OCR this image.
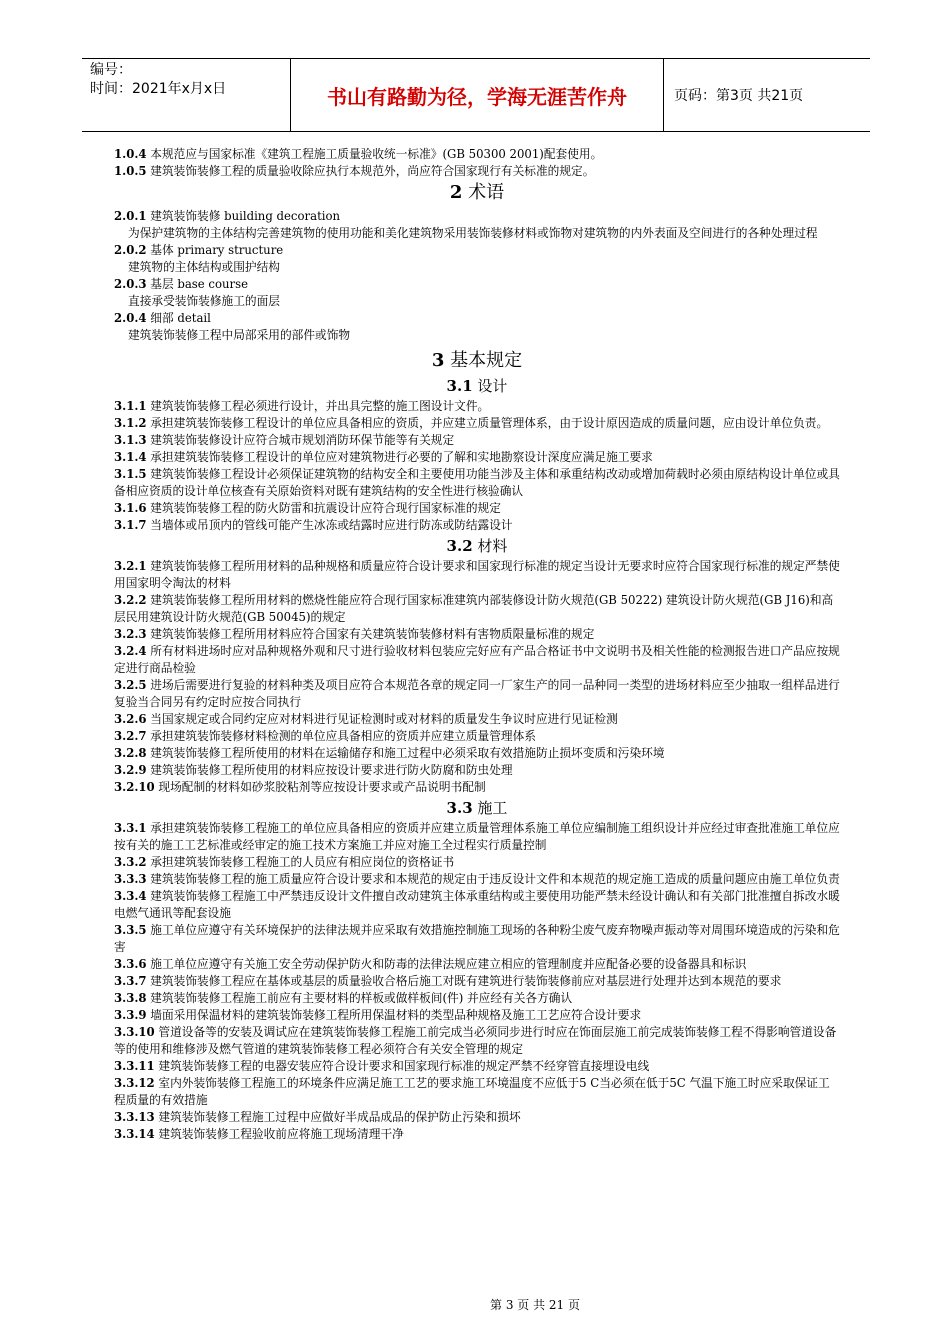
编号：
时间：2021年x月x日	书山有路勤为径，学海无涯苦作舟	页码：第3页 共21页

1.0.4 本规范应与国家标准《建筑工程施工质量验收统一标准》(GB 50300 2001)配套使用。

1.0.5 建筑装饰装修工程的质量验收除应执行本规范外，尚应符合国家现行有关标准的规定。

2 术语

2.0.1 建筑装饰装修 building decoration

为保护建筑物的主体结构完善建筑物的使用功能和美化建筑物采用装饰装修材料或饰物对建筑物的内外表面及空间进行的各种处理过程

2.0.2 基体 primary structure

建筑物的主体结构或围护结构

2.0.3 基层 base course

直接承受装饰装修施工的面层

2.0.4 细部 detail

建筑装饰装修工程中局部采用的部件或饰物

3 基本规定
3.1 设计

3.1.1 建筑装饰装修工程必须进行设计，并出具完整的施工图设计文件。

3.1.2 承担建筑装饰装修工程设计的单位应具备相应的资质，并应建立质量管理体系，由于设计原因造成的质量问题，应由设计单位负责。

3.1.3 建筑装饰装修设计应符合城市规划消防环保节能等有关规定

3.1.4 承担建筑装饰装修工程设计的单位应对建筑物进行必要的了解和实地勘察设计深度应满足施工要求

3.1.5 建筑装饰装修工程设计必须保证建筑物的结构安全和主要使用功能当涉及主体和承重结构改动或增加荷载时必须由原结构设计单位或具备相应资质的设计单位核查有关原始资料对既有建筑结构的安全性进行核验确认

3.1.6 建筑装饰装修工程的防火防雷和抗震设计应符合现行国家标准的规定

3.1.7 当墙体或吊顶内的管线可能产生冰冻或结露时应进行防冻或防结露设计

3.2 材料

3.2.1 建筑装饰装修工程所用材料的品种规格和质量应符合设计要求和国家现行标准的规定当设计无要求时应符合国家现行标准的规定严禁使用国家明令淘汰的材料

3.2.2 建筑装饰装修工程所用材料的燃烧性能应符合现行国家标准建筑内部装修设计防火规范(GB 50222) 建筑设计防火规范(GB J16)和高层民用建筑设计防火规范(GB 50045)的规定

3.2.3 建筑装饰装修工程所用材料应符合国家有关建筑装饰装修材料有害物质限量标准的规定

3.2.4 所有材料进场时应对品种规格外观和尺寸进行验收材料包装应完好应有产品合格证书中文说明书及相关性能的检测报告进口产品应按规定进行商品检验

3.2.5 进场后需要进行复验的材料种类及项目应符合本规范各章的规定同一厂家生产的同一品种同一类型的进场材料应至少抽取一组样品进行复验当合同另有约定时应按合同执行

3.2.6 当国家规定或合同约定应对材料进行见证检测时或对材料的质量发生争议时应进行见证检测

3.2.7 承担建筑装饰装修材料检测的单位应具备相应的资质并应建立质量管理体系

3.2.8 建筑装饰装修工程所使用的材料在运输储存和施工过程中必须采取有效措施防止损坏变质和污染环境

3.2.9 建筑装饰装修工程所使用的材料应按设计要求进行防火防腐和防虫处理

3.2.10 现场配制的材料如砂浆胶粘剂等应按设计要求或产品说明书配制

3.3 施工

3.3.1 承担建筑装饰装修工程施工的单位应具备相应的资质并应建立质量管理体系施工单位应编制施工组织设计并应经过审查批准施工单位应按有关的施工工艺标准或经审定的施工技术方案施工并应对施工全过程实行质量控制

3.3.2 承担建筑装饰装修工程施工的人员应有相应岗位的资格证书

3.3.3 建筑装饰装修工程的施工质量应符合设计要求和本规范的规定由于违反设计文件和本规范的规定施工造成的质量问题应由施工单位负责

3.3.4 建筑装饰装修工程施工中严禁违反设计文件擅自改动建筑主体承重结构或主要使用功能严禁未经设计确认和有关部门批准擅自拆改水暖电燃气通讯等配套设施

3.3.5 施工单位应遵守有关环境保护的法律法规并应采取有效措施控制施工现场的各种粉尘废气废弃物噪声振动等对周围环境造成的污染和危害

3.3.6 施工单位应遵守有关施工安全劳动保护防火和防毒的法律法规应建立相应的管理制度并应配备必要的设备器具和标识

3.3.7 建筑装饰装修工程应在基体或基层的质量验收合格后施工对既有建筑进行装饰装修前应对基层进行处理并达到本规范的要求

3.3.8 建筑装饰装修工程施工前应有主要材料的样板或做样板间(件) 并应经有关各方确认

3.3.9 墙面采用保温材料的建筑装饰装修工程所用保温材料的类型品种规格及施工工艺应符合设计要求

3.3.10 管道设备等的安装及调试应在建筑装饰装修工程施工前完成当必须同步进行时应在饰面层施工前完成装饰装修工程不得影响管道设备等的使用和维修涉及燃气管道的建筑装饰装修工程必须符合有关安全管理的规定

3.3.11 建筑装饰装修工程的电器安装应符合设计要求和国家现行标准的规定严禁不经穿管直接埋设电线

3.3.12 室内外装饰装修工程施工的环境条件应满足施工工艺的要求施工环境温度不应低于5 C当必须在低于5C 气温下施工时应采取保证工程质量的有效措施

3.3.13 建筑装饰装修工程施工过程中应做好半成品成品的保护防止污染和损坏

3.3.14 建筑装饰装修工程验收前应将施工现场清理干净

第 3 页 共 21 页
